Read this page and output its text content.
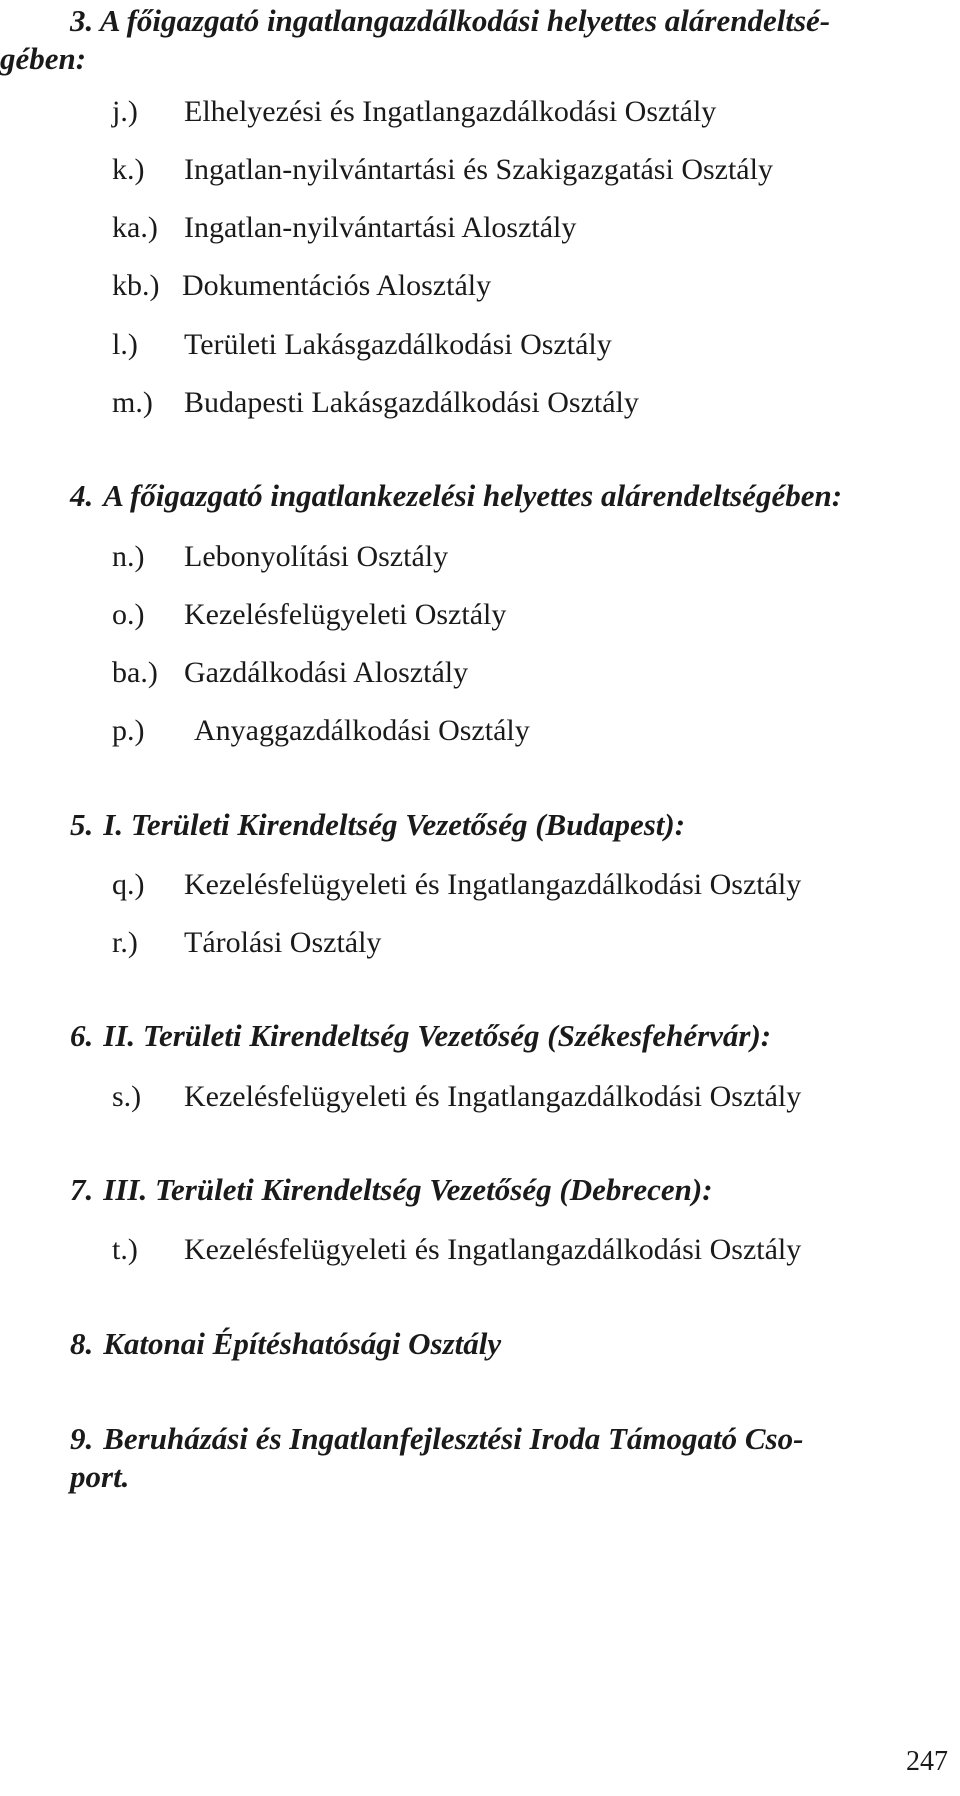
3. A főigazgató ingatlangazdálkodási helyettes alárendeltsé-
gében:
j.) Elhelyezési és Ingatlangazdálkodási Osztály
k.) Ingatlan-nyilvántartási és Szakigazgatási Osztály
ka.) Ingatlan-nyilvántartási Alosztály
kb.) Dokumentációs Alosztály
l.) Területi Lakásgazdálkodási Osztály
m.) Budapesti Lakásgazdálkodási Osztály
4. A főigazgató ingatlankezelési helyettes alárendeltségében:
n.) Lebonyolítási Osztály
o.) Kezelésfelügyeleti Osztály
ba.) Gazdálkodási Alosztály
p.) Anyaggazdálkodási Osztály
5. I. Területi Kirendeltség Vezetőség (Budapest):
q.) Kezelésfelügyeleti és Ingatlangazdálkodási Osztály
r.) Tárolási Osztály
6. II. Területi Kirendeltség Vezetőség (Székesfehérvár):
s.) Kezelésfelügyeleti és Ingatlangazdálkodási Osztály
7. III. Területi Kirendeltség Vezetőség (Debrecen):
t.) Kezelésfelügyeleti és Ingatlangazdálkodási Osztály
8. Katonai Építéshatósági Osztály
9. Beruházási és Ingatlanfejlesztési Iroda Támogató Cso-
port.
247
